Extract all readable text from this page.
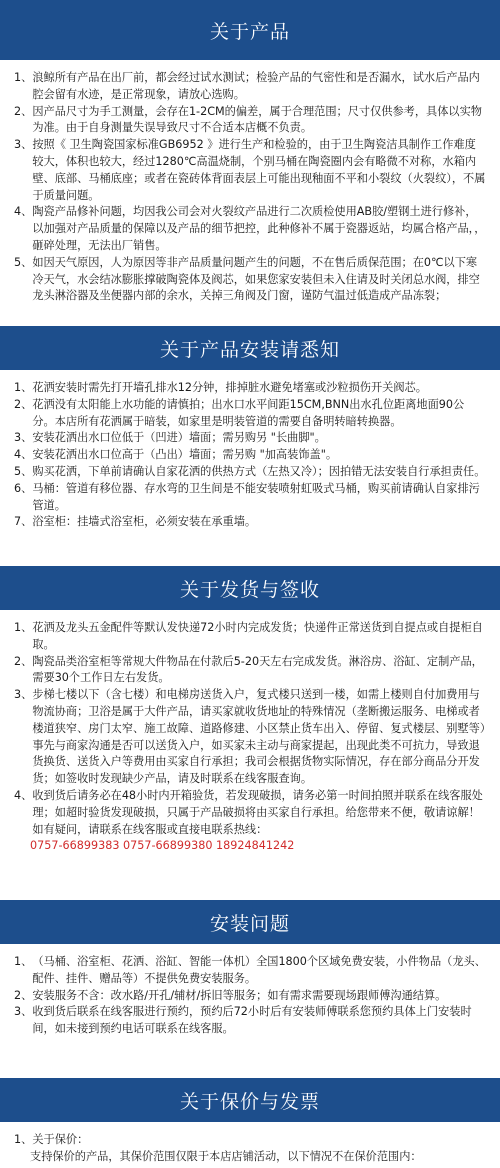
关于产品
1、 浪鲸所有产品在出厂前，都会经过试水测试；检验产品的气密性和是否漏水，试水后产品内腔会留有水迹，是正常现象，请放心选购。
2、 因产品尺寸为手工测量，会存在1-2CM的偏差，属于合理范围；尺寸仅供参考，具体以实物为准。由于自身测量失误导致尺寸不合适本店概不负责。
3、 按照《 卫生陶瓷国家标准GB6952 》进行生产和检验的，由于卫生陶瓷洁具制作工作难度较大，体积也较大，经过1280℃高温烧制，个别马桶在陶瓷圈内会有略微不对称，水箱内壁、底部、马桶底座；或者在瓷砖体背面表层上可能出现釉面不平和小裂纹（火裂纹），不属于质量问题。
4、 陶瓷产品修补问题，均因我公司会对火裂纹产品进行二次质检使用AB胶/塑钢土进行修补，以加强对产品质量的保障以及产品的细节把控，此种修补不属于瓷器返站，均属合格产品，，砸碎处理，无法出厂销售。
5、 如因天气原因，人为原因等非产品质量问题产生的问题，不在售后质保范围；在0℃以下寒冷天气，水会结冰膨胀撑破陶瓷体及阀芯，如果您家安装但未入住请及时关闭总水阀，排空龙头淋浴器及坐便器内部的余水，关掉三角阀及门窗，谨防气温过低造成产品冻裂；
关于产品安装请悉知
1、 花洒安装时需先打开墙孔排水12分钟，排掉脏水避免堵塞或沙粒损伤开关阀芯。
2、 花洒没有太阳能上水功能的请慎拍；出水口水平间距15CM,BNN出水孔位距离地面90公分。本店所有花洒属于暗装，如家里是明装管道的需要自备明转暗转换器。
3、 安装花洒出水口位低于（凹进）墙面；需另购另 "长曲脚"。
4、 安装花洒出水口位高于（凸出）墙面；需另购 "加高装饰盖"。
5、 购买花洒，下单前请确认自家花洒的供热方式（左热又冷）；因拍错无法安装自行承担责任。
6、 马桶：管道有移位器、存水弯的卫生间是不能安装喷射虹吸式马桶，购买前请确认自家排污管道。
7、 浴室柜：挂墙式浴室柜，必须安装在承重墙。
关于发货与签收
1、 花洒及龙头五金配件等默认发快递72小时内完成发货；快递件正常送货到自提点或自提柜自取。
2、 陶瓷品类浴室柜等常规大件物品在付款后5-20天左右完成发货。淋浴房、浴缸、定制产品，需要30个工作日左右发货。
3、 步梯七楼以下（含七楼）和电梯房送货入户，复式楼只送到一楼，如需上楼则自付加费用与物流协商；卫浴是属于大件产品，请买家就收货地址的特殊情况（垄断搬运服务、电梯或者楼道狭窄、房门太窄、施工故障、道路修建、小区禁止货车出入、停留、复式楼层、别墅等）事先与商家沟通是否可以送货入户，如买家未主动与商家提起，出现此类不可抗力，导致退货换货、送货入户等费用由买家自行承担；我司会根据货物实际情况，存在部分商品分开发货；如签收时发现缺少产品，请及时联系在线客服查询。
4、 收到货后请务必在48小时内开箱验货，若发现破损，请务必第一时间拍照并联系在线客服处理；如超时验货发现破损，只属于产品破损将由买家自行承担。给您带来不便，敬请谅解！如有疑问，请联系在线客服或直接电联系热线：
0757-66899383 0757-66899380 18924841242
安装问题
1、 （马桶、浴室柜、花洒、浴缸、智能一体机）全国1800个区域免费安装，小件物品（龙头、配件、挂件、赠品等）不提供免费安装服务。
2、 安装服务不含：改水路/开孔/辅材/拆旧等服务；如有需求需要现场跟师傅沟通结算。
3、 收到货后联系在线客服进行预约，预约后72小时后有安装师傅联系您预约具体上门安装时间，如未接到预约电话可联系在线客服。
关于保价与发票
1、 关于保价：
支持保价的产品，其保价范围仅限于本店店铺活动，以下情况不在保价范围内：
